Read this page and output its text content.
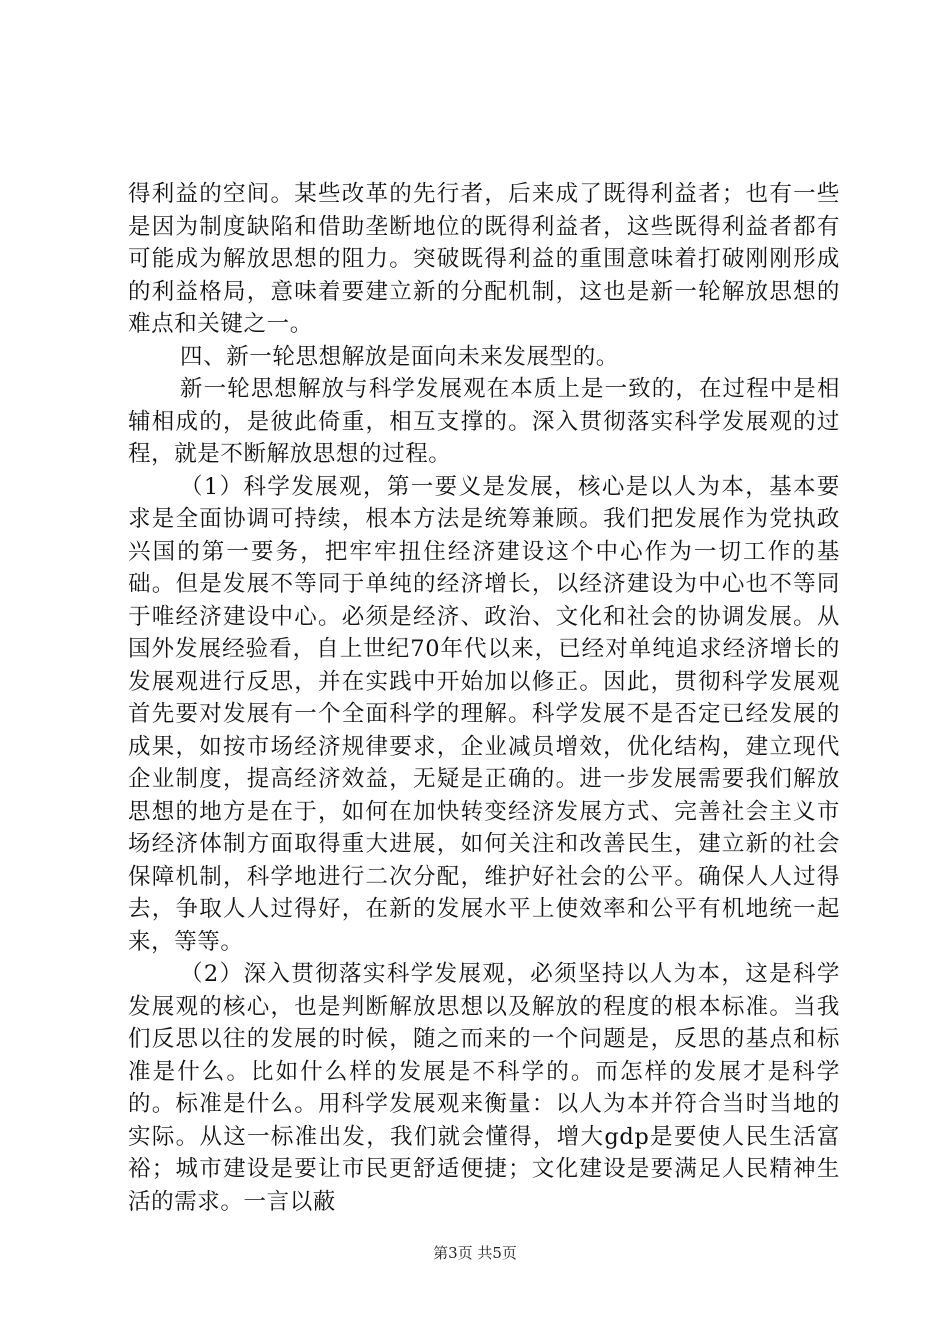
得利益的空间。某些改革的先行者，后来成了既得利益者；也有一些是因为制度缺陷和借助垄断地位的既得利益者，这些既得利益者都有可能成为解放思想的阻力。突破既得利益的重围意味着打破刚刚形成的利益格局，意味着要建立新的分配机制，这也是新一轮解放思想的难点和关键之一。

四、新一轮思想解放是面向未来发展型的。

新一轮思想解放与科学发展观在本质上是一致的，在过程中是相辅相成的，是彼此倚重，相互支撑的。深入贯彻落实科学发展观的过程，就是不断解放思想的过程。

（1）科学发展观，第一要义是发展，核心是以人为本，基本要求是全面协调可持续，根本方法是统筹兼顾。我们把发展作为党执政兴国的第一要务，把牢牢扭住经济建设这个中心作为一切工作的基础。但是发展不等同于单纯的经济增长，以经济建设为中心也不等同于唯经济建设中心。必须是经济、政治、文化和社会的协调发展。从国外发展经验看，自上世纪70年代以来，已经对单纯追求经济增长的发展观进行反思，并在实践中开始加以修正。因此，贯彻科学发展观首先要对发展有一个全面科学的理解。科学发展不是否定已经发展的成果，如按市场经济规律要求，企业减员增效，优化结构，建立现代企业制度，提高经济效益，无疑是正确的。进一步发展需要我们解放思想的地方是在于，如何在加快转变经济发展方式、完善社会主义市场经济体制方面取得重大进展，如何关注和改善民生，建立新的社会保障机制，科学地进行二次分配，维护好社会的公平。确保人人过得去，争取人人过得好，在新的发展水平上使效率和公平有机地统一起来，等等。

（2）深入贯彻落实科学发展观，必须坚持以人为本，这是科学发展观的核心，也是判断解放思想以及解放的程度的根本标准。当我们反思以往的发展的时候，随之而来的一个问题是，反思的基点和标准是什么。比如什么样的发展是不科学的。而怎样的发展才是科学的。标准是什么。用科学发展观来衡量：以人为本并符合当时当地的实际。从这一标准出发，我们就会懂得，增大gdp是要使人民生活富裕；城市建设是要让市民更舒适便捷；文化建设是要满足人民精神生活的需求。一言以蔽

第3页 共5页
